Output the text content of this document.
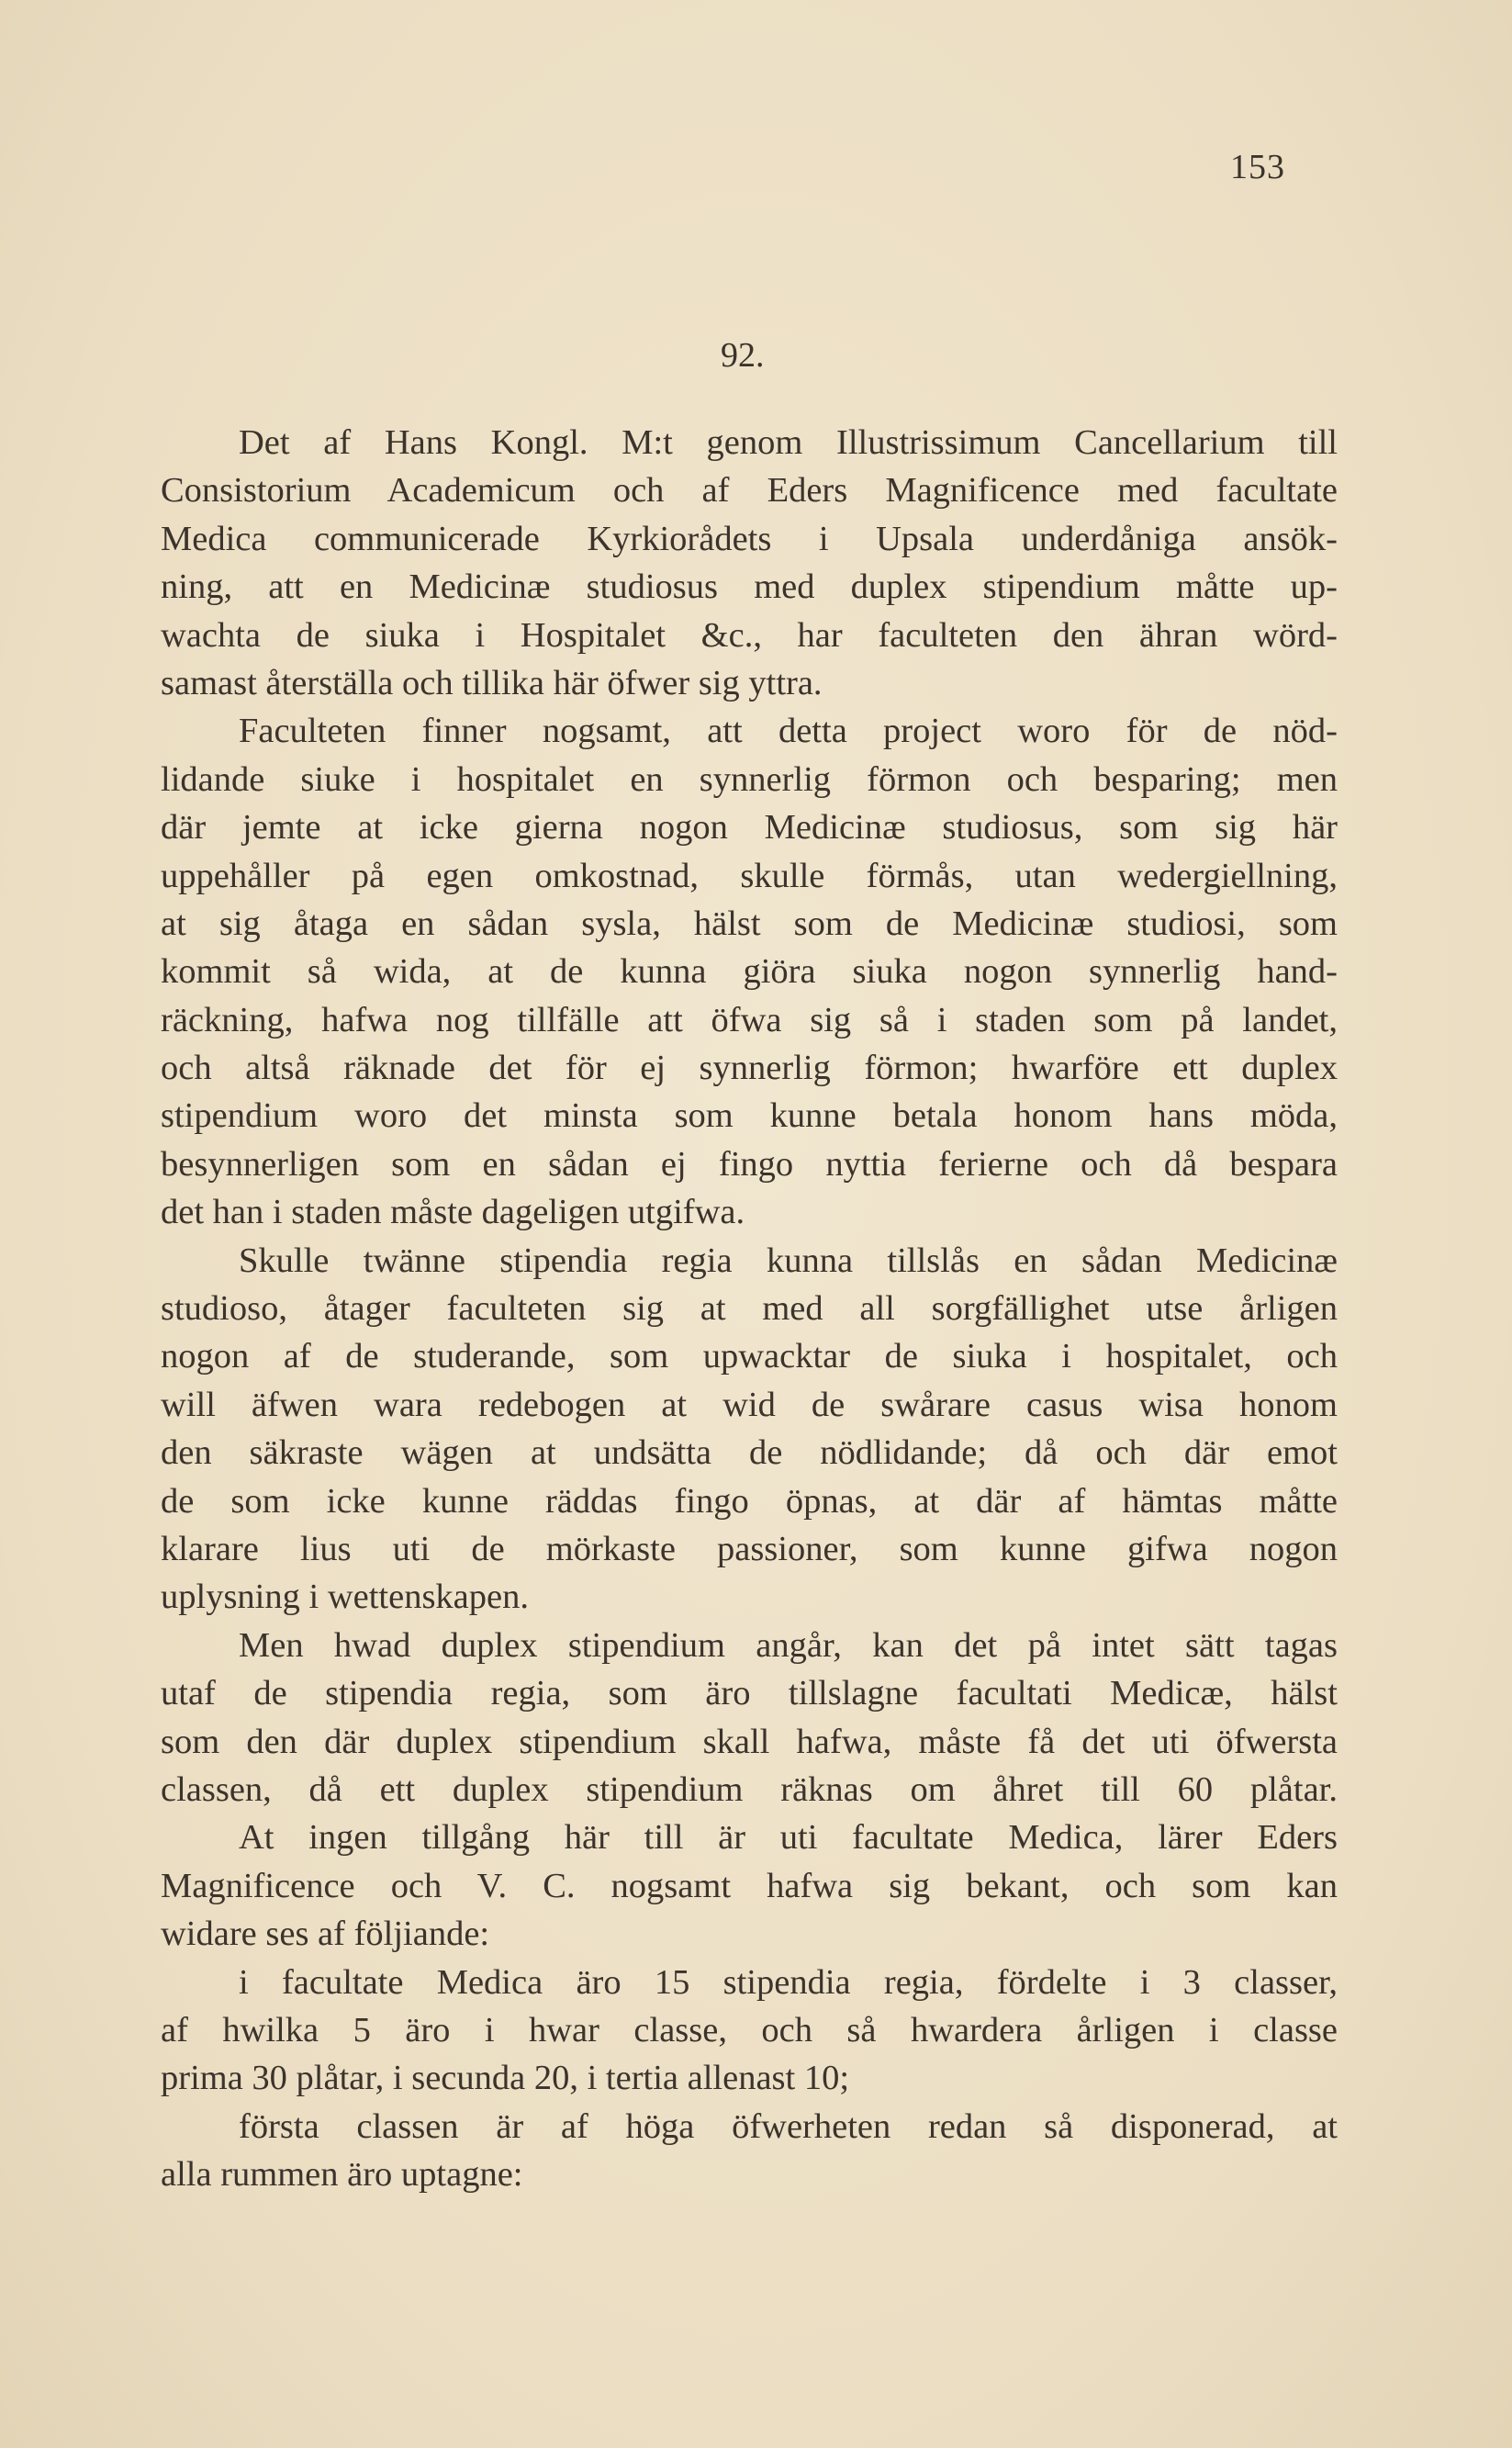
153
92.
Det af Hans Kongl. M:t genom Illustrissimum Cancellarium till
Consistorium Academicum och af Eders Magnificence med facultate
Medica communicerade Kyrkiorådets i Upsala underdåniga ansök-
ning, att en Medicinæ studiosus med duplex stipendium måtte up-
wachta de siuka i Hospitalet &c., har faculteten den ähran wörd-
samast återställa och tillika här öfwer sig yttra.
Faculteten finner nogsamt, att detta project woro för de nöd-
lidande siuke i hospitalet en synnerlig förmon och besparing; men
där jemte at icke gierna nogon Medicinæ studiosus, som sig här
uppehåller på egen omkostnad, skulle förmås, utan wedergiellning,
at sig åtaga en sådan sysla, hälst som de Medicinæ studiosi, som
kommit så wida, at de kunna giöra siuka nogon synnerlig hand-
räckning, hafwa nog tillfälle att öfwa sig så i staden som på landet,
och altså räknade det för ej synnerlig förmon; hwarföre ett duplex
stipendium woro det minsta som kunne betala honom hans möda,
besynnerligen som en sådan ej fingo nyttia ferierne och då bespara
det han i staden måste dageligen utgifwa.
Skulle twänne stipendia regia kunna tillslås en sådan Medicinæ
studioso, åtager faculteten sig at med all sorgfällighet utse årligen
nogon af de studerande, som upwacktar de siuka i hospitalet, och
will äfwen wara redebogen at wid de swårare casus wisa honom
den säkraste wägen at undsätta de nödlidande; då och där emot
de som icke kunne räddas fingo öpnas, at där af hämtas måtte
klarare lius uti de mörkaste passioner, som kunne gifwa nogon
uplysning i wettenskapen.
Men hwad duplex stipendium angår, kan det på intet sätt tagas
utaf de stipendia regia, som äro tillslagne facultati Medicæ, hälst
som den där duplex stipendium skall hafwa, måste få det uti öfwersta
classen, då ett duplex stipendium räknas om åhret till 60 plåtar.
At ingen tillgång här till är uti facultate Medica, lärer Eders
Magnificence och V. C. nogsamt hafwa sig bekant, och som kan
widare ses af följiande:
i facultate Medica äro 15 stipendia regia, fördelte i 3 classer,
af hwilka 5 äro i hwar classe, och så hwardera årligen i classe
prima 30 plåtar, i secunda 20, i tertia allenast 10;
första classen är af höga öfwerheten redan så disponerad, at
alla rummen äro uptagne:
